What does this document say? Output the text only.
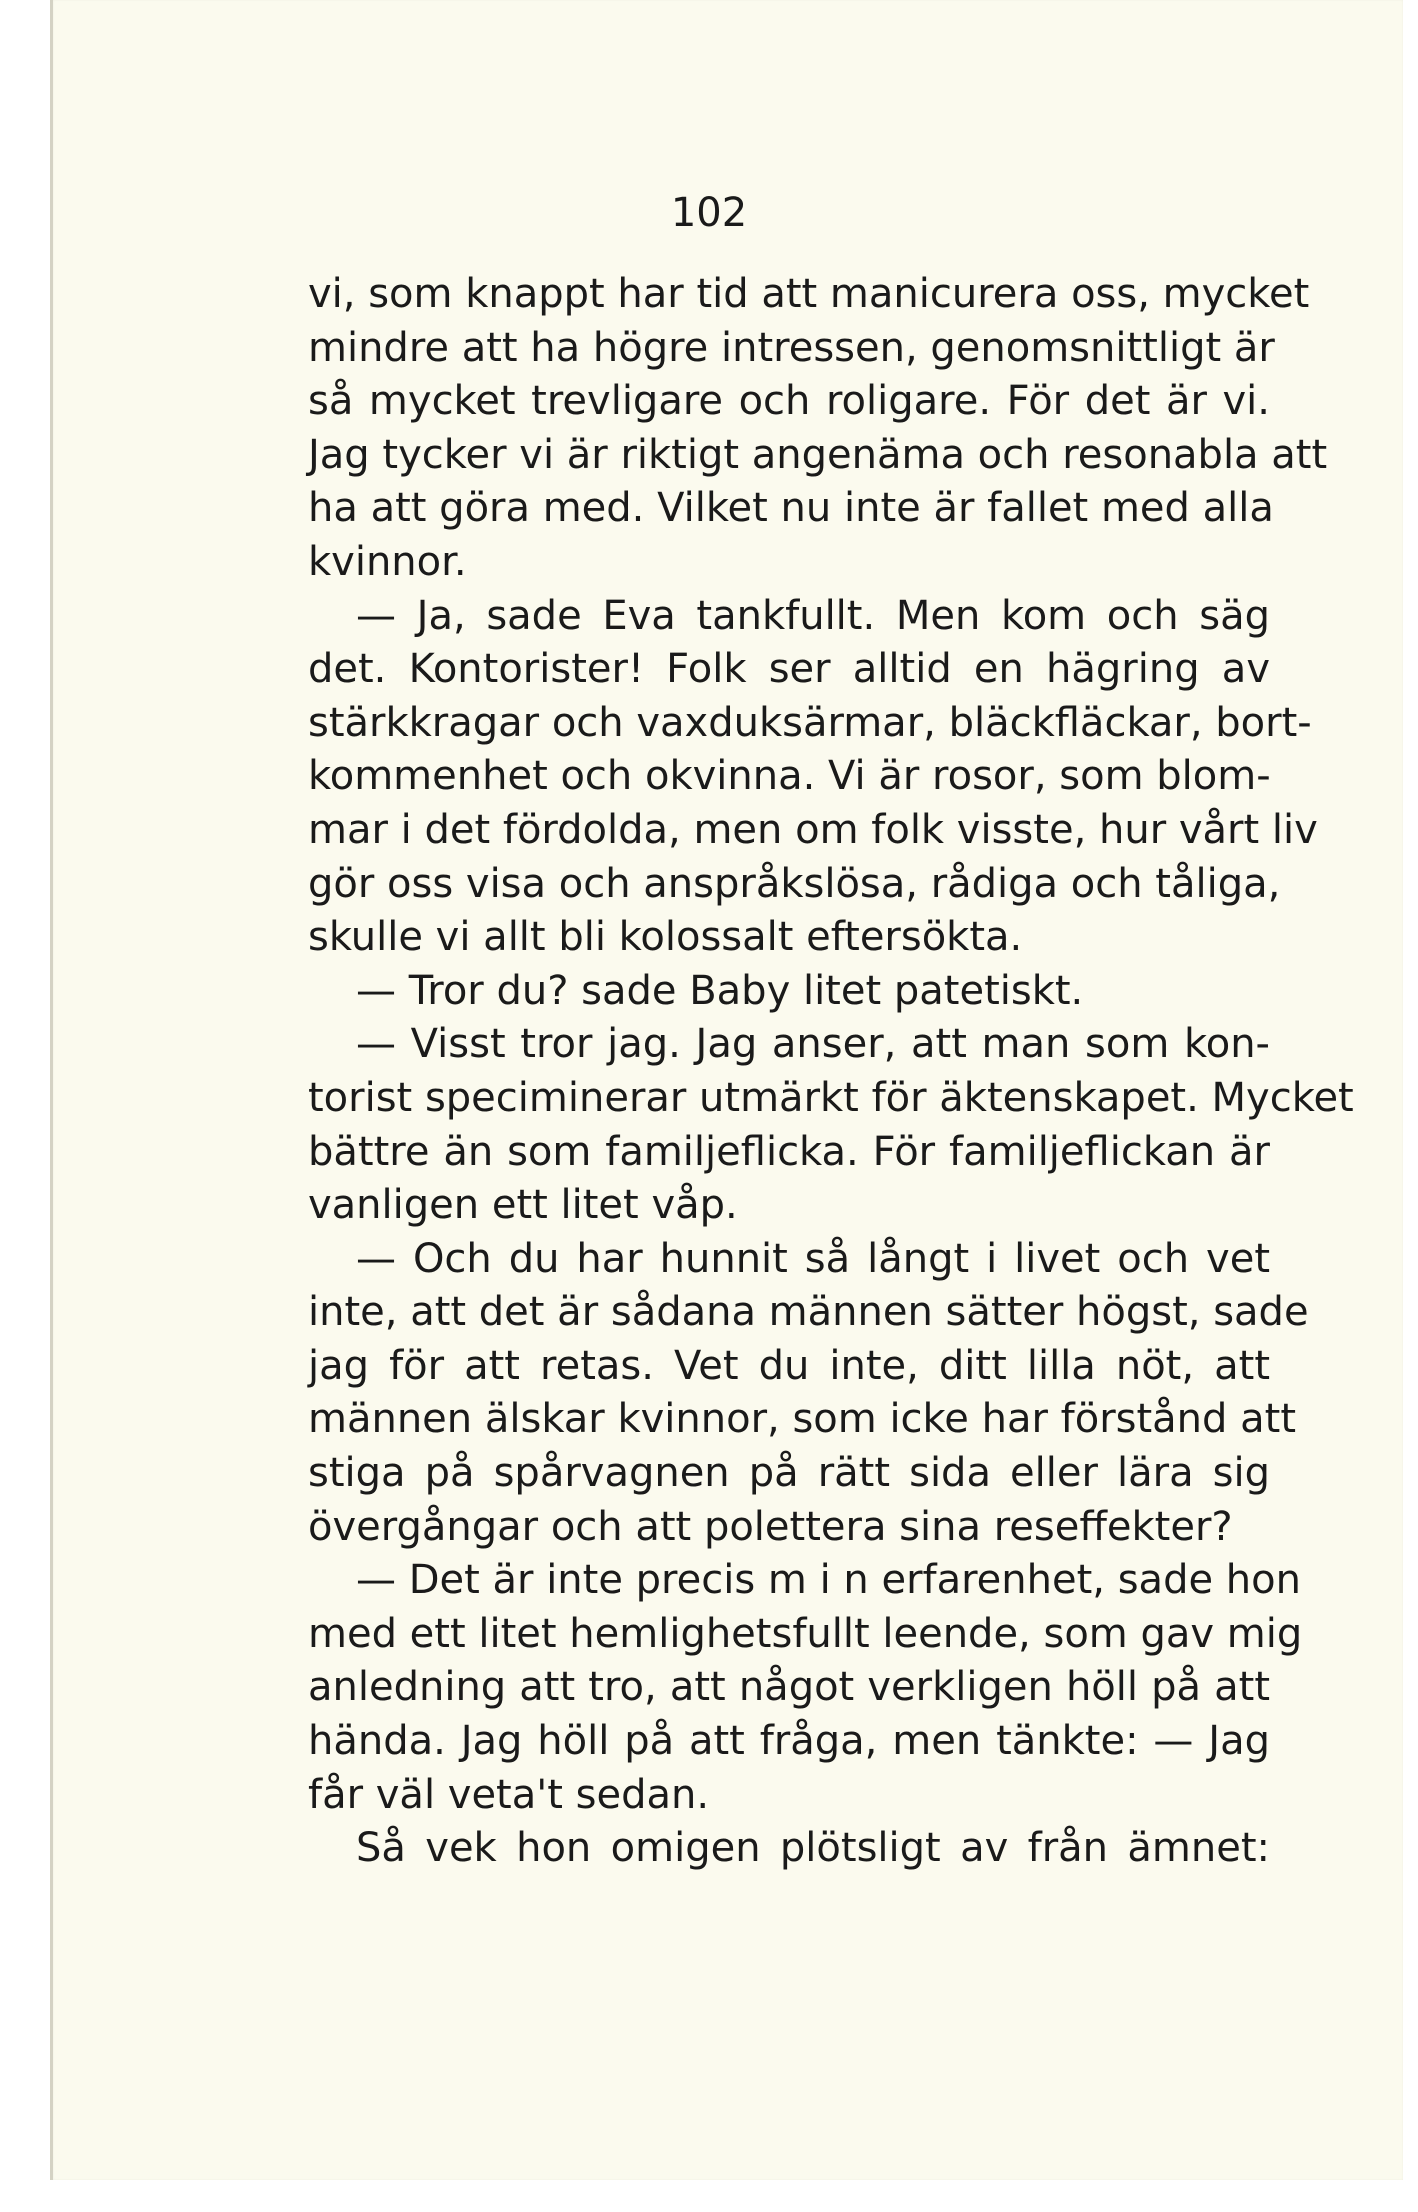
102
vi, som knappt har tid att manicurera oss, mycket
mindre att ha högre intressen, genomsnittligt är
så mycket trevligare och roligare. För det är vi.
Jag tycker vi är riktigt angenäma och resonabla att
ha att göra med. Vilket nu inte är fallet med alla
kvinnor.
— Ja, sade Eva tankfullt. Men kom och säg
det. Kontorister! Folk ser alltid en hägring av
stärkkragar och vaxduksärmar, bläckfläckar, bort-
kommenhet och okvinna. Vi är rosor, som blom-
mar i det fördolda, men om folk visste, hur vårt liv
gör oss visa och anspråkslösa, rådiga och tåliga,
skulle vi allt bli kolossalt eftersökta.
— Tror du? sade Baby litet patetiskt.
— Visst tror jag. Jag anser, att man som kon-
torist speciminerar utmärkt för äktenskapet. Mycket
bättre än som familjeflicka. För familjeflickan är
vanligen ett litet våp.
— Och du har hunnit så långt i livet och vet
inte, att det är sådana männen sätter högst, sade
jag för att retas. Vet du inte, ditt lilla nöt, att
männen älskar kvinnor, som icke har förstånd att
stiga på spårvagnen på rätt sida eller lära sig
övergångar och att polettera sina reseffekter?
— Det är inte precis m i n erfarenhet, sade hon
med ett litet hemlighetsfullt leende, som gav mig
anledning att tro, att något verkligen höll på att
hända. Jag höll på att fråga, men tänkte: — Jag
får väl veta't sedan.
Så vek hon omigen plötsligt av från ämnet:
